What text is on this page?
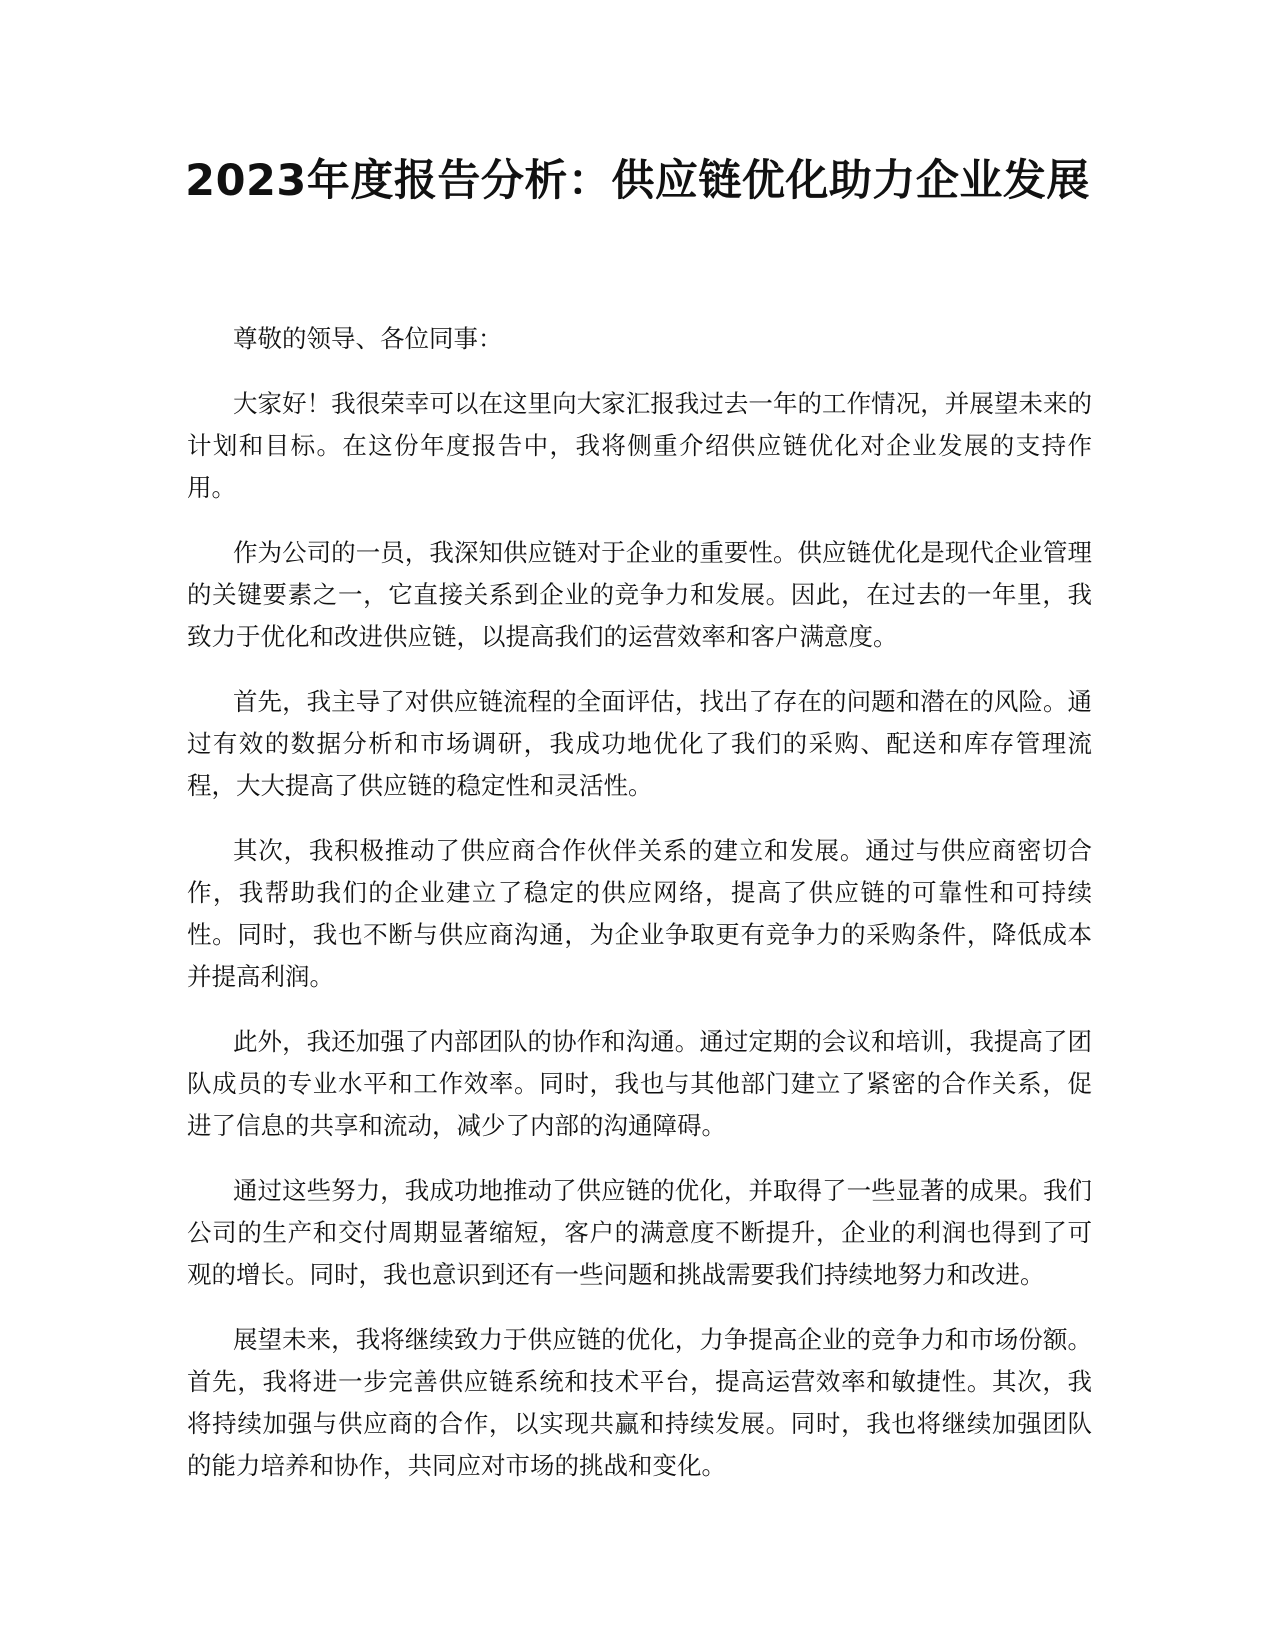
2023年度报告分析：供应链优化助力企业发展

尊敬的领导、各位同事：

大家好！我很荣幸可以在这里向大家汇报我过去一年的工作情况，并展望未来的计划和目标。在这份年度报告中，我将侧重介绍供应链优化对企业发展的支持作用。

作为公司的一员，我深知供应链对于企业的重要性。供应链优化是现代企业管理的关键要素之一，它直接关系到企业的竞争力和发展。因此，在过去的一年里，我致力于优化和改进供应链，以提高我们的运营效率和客户满意度。

首先，我主导了对供应链流程的全面评估，找出了存在的问题和潜在的风险。通过有效的数据分析和市场调研，我成功地优化了我们的采购、配送和库存管理流程，大大提高了供应链的稳定性和灵活性。

其次，我积极推动了供应商合作伙伴关系的建立和发展。通过与供应商密切合作，我帮助我们的企业建立了稳定的供应网络，提高了供应链的可靠性和可持续性。同时，我也不断与供应商沟通，为企业争取更有竞争力的采购条件，降低成本并提高利润。

此外，我还加强了内部团队的协作和沟通。通过定期的会议和培训，我提高了团队成员的专业水平和工作效率。同时，我也与其他部门建立了紧密的合作关系，促进了信息的共享和流动，减少了内部的沟通障碍。

通过这些努力，我成功地推动了供应链的优化，并取得了一些显著的成果。我们公司的生产和交付周期显著缩短，客户的满意度不断提升，企业的利润也得到了可观的增长。同时，我也意识到还有一些问题和挑战需要我们持续地努力和改进。

展望未来，我将继续致力于供应链的优化，力争提高企业的竞争力和市场份额。首先，我将进一步完善供应链系统和技术平台，提高运营效率和敏捷性。其次，我将持续加强与供应商的合作，以实现共赢和持续发展。同时，我也将继续加强团队的能力培养和协作，共同应对市场的挑战和变化。
